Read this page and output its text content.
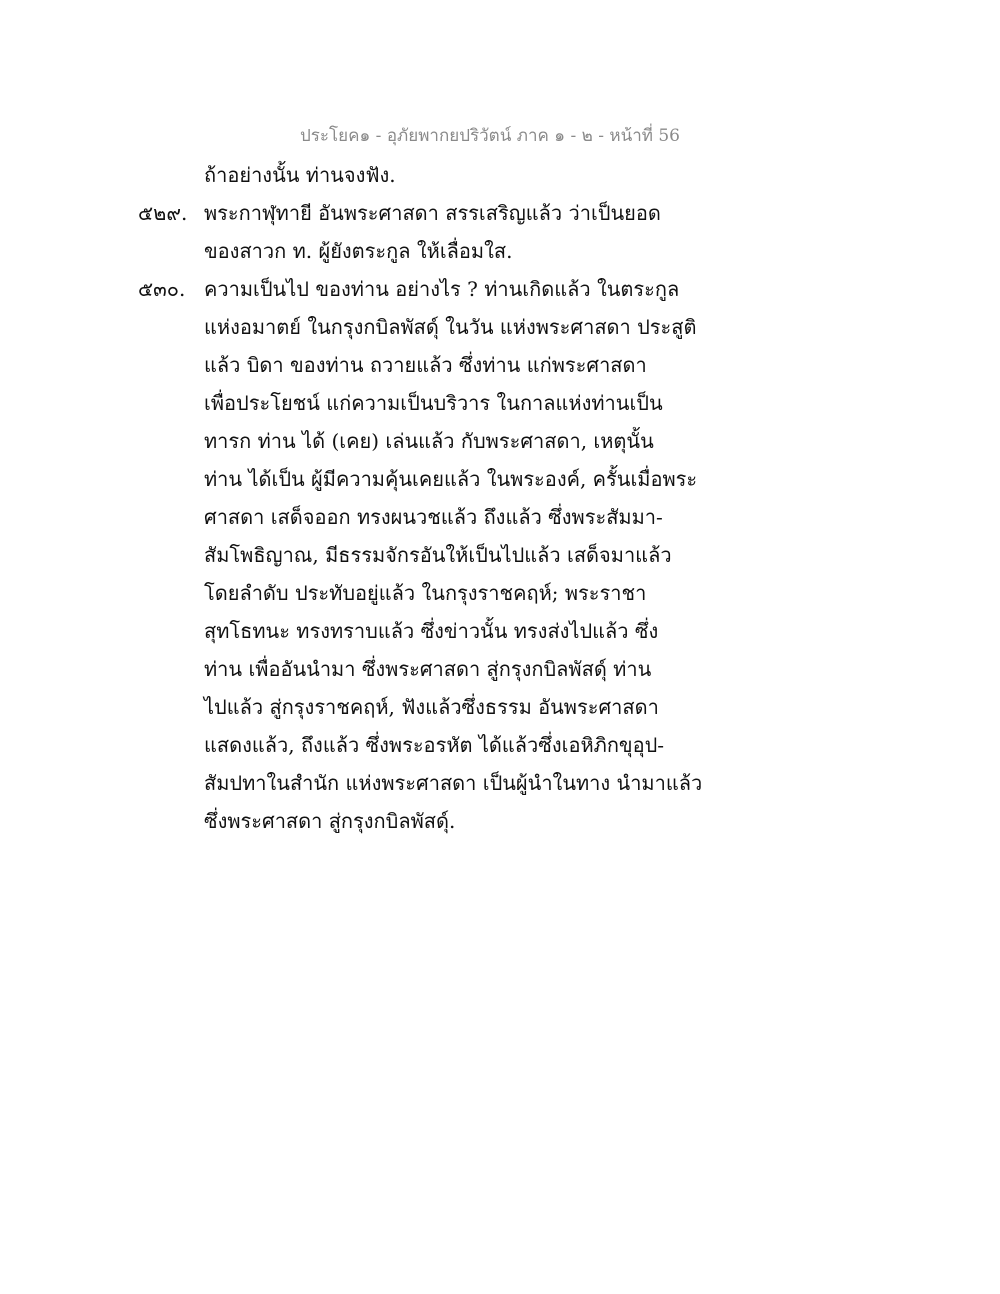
ประโยค๑ - อุภัยพากยปริวัตน์ ภาค ๑ - ๒ - หน้าที่ 56
ถ้าอย่างนั้น ท่านจงฟัง.
๕๒๙. พระกาฬุทายี อันพระศาสดา สรรเสริญแล้ว ว่าเป็นยอด
ของสาวก ท. ผู้ยังตระกูล ให้เลื่อมใส.
๕๓๐. ความเป็นไป ของท่าน อย่างไร ? ท่านเกิดแล้ว ในตระกูล
แห่งอมาตย์ ในกรุงกบิลพัสดุ์ ในวัน แห่งพระศาสดา ประสูติ
แล้ว บิดา ของท่าน ถวายแล้ว ซึ่งท่าน แก่พระศาสดา
เพื่อประโยชน์ แก่ความเป็นบริวาร ในกาลแห่งท่านเป็น
ทารก ท่าน ได้ (เคย) เล่นแล้ว กับพระศาสดา, เหตุนั้น
ท่าน ได้เป็น ผู้มีความคุ้นเคยแล้ว ในพระองค์, ครั้นเมื่อพระ
ศาสดา เสด็จออก ทรงผนวชแล้ว ถึงแล้ว ซึ่งพระสัมมา-
สัมโพธิญาณ, มีธรรมจักรอันให้เป็นไปแล้ว เสด็จมาแล้ว
โดยลำดับ ประทับอยู่แล้ว ในกรุงราชคฤห์; พระราชา
สุทโธทนะ ทรงทราบแล้ว ซึ่งข่าวนั้น ทรงส่งไปแล้ว ซึ่ง
ท่าน เพื่ออันนำมา ซึ่งพระศาสดา สู่กรุงกบิลพัสดุ์ ท่าน
ไปแล้ว สู่กรุงราชคฤห์, ฟังแล้วซึ่งธรรม อันพระศาสดา
แสดงแล้ว, ถึงแล้ว ซึ่งพระอรหัต ได้แล้วซึ่งเอหิภิกขุอุป-
สัมปทาในสำนัก แห่งพระศาสดา เป็นผู้นำในทาง นำมาแล้ว
ซึ่งพระศาสดา สู่กรุงกบิลพัสดุ์.
